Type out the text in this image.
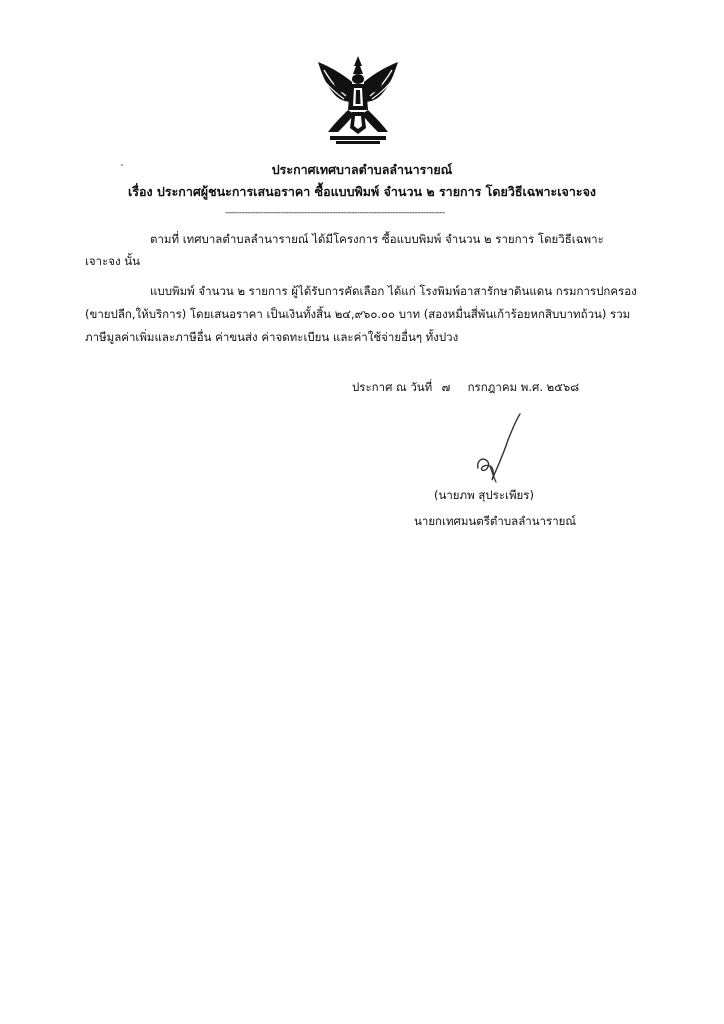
ประกาศเทศบาลตำบลลำนารายณ์
เรื่อง ประกาศผู้ชนะการเสนอราคา ซื้อแบบพิมพ์ จำนวน ๒ รายการ โดยวิธีเฉพาะเจาะจง
--------------------------------------------------------------------------------
ตามที่ เทศบาลตำบลลำนารายณ์ ได้มีโครงการ ซื้อแบบพิมพ์ จำนวน ๒ รายการ โดยวิธีเฉพาะ
เจาะจง นั้น
แบบพิมพ์ จำนวน ๒ รายการ ผู้ได้รับการคัดเลือก ได้แก่ โรงพิมพ์อาสารักษาดินแดน กรมการปกครอง
(ขายปลีก,ให้บริการ) โดยเสนอราคา เป็นเงินทั้งสิ้น ๒๔,๙๖๐.๐๐ บาท (สองหมื่นสี่พันเก้าร้อยหกสิบบาทถ้วน) รวม
ภาษีมูลค่าเพิ่มและภาษีอื่น ค่าขนส่ง ค่าจดทะเบียน และค่าใช้จ่ายอื่นๆ ทั้งปวง
ประกาศ ณ วันที่ ๗ กรกฎาคม พ.ศ. ๒๕๖๘
(นายภพ สุประเพียร)
นายกเทศมนตรีตำบลลำนารายณ์
